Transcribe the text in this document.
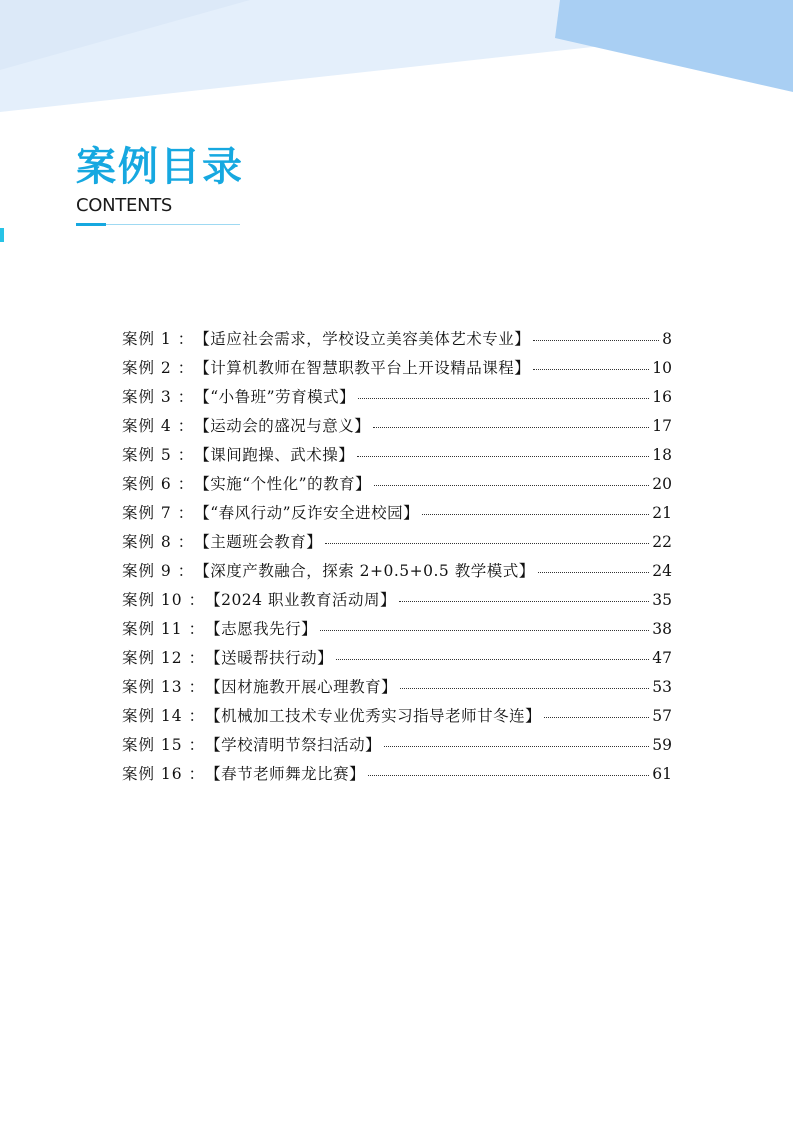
案例目录
CONTENTS
案例 1 ： 【适应社会需求，学校设立美容美体艺术专业】	8
案例 2 ： 【计算机教师在智慧职教平台上开设精品课程】	10
案例 3 ： 【“小鲁班”劳育模式】	16
案例 4 ： 【运动会的盛况与意义】	17
案例 5 ： 【课间跑操、武术操】	18
案例 6 ： 【实施“个性化”的教育】	20
案例 7 ： 【“春风行动”反诈安全进校园】	21
案例 8 ： 【主题班会教育】	22
案例 9 ： 【深度产教融合，探索 2+0.5+0.5 教学模式】	24
案例 10 ： 【2024 职业教育活动周】	35
案例 11 ： 【志愿我先行】	38
案例 12 ： 【送暖帮扶行动】	47
案例 13 ： 【因材施教开展心理教育】	53
案例 14 ： 【机械加工技术专业优秀实习指导老师甘冬连】	57
案例 15 ： 【学校清明节祭扫活动】	59
案例 16 ： 【春节老师舞龙比赛】	61
